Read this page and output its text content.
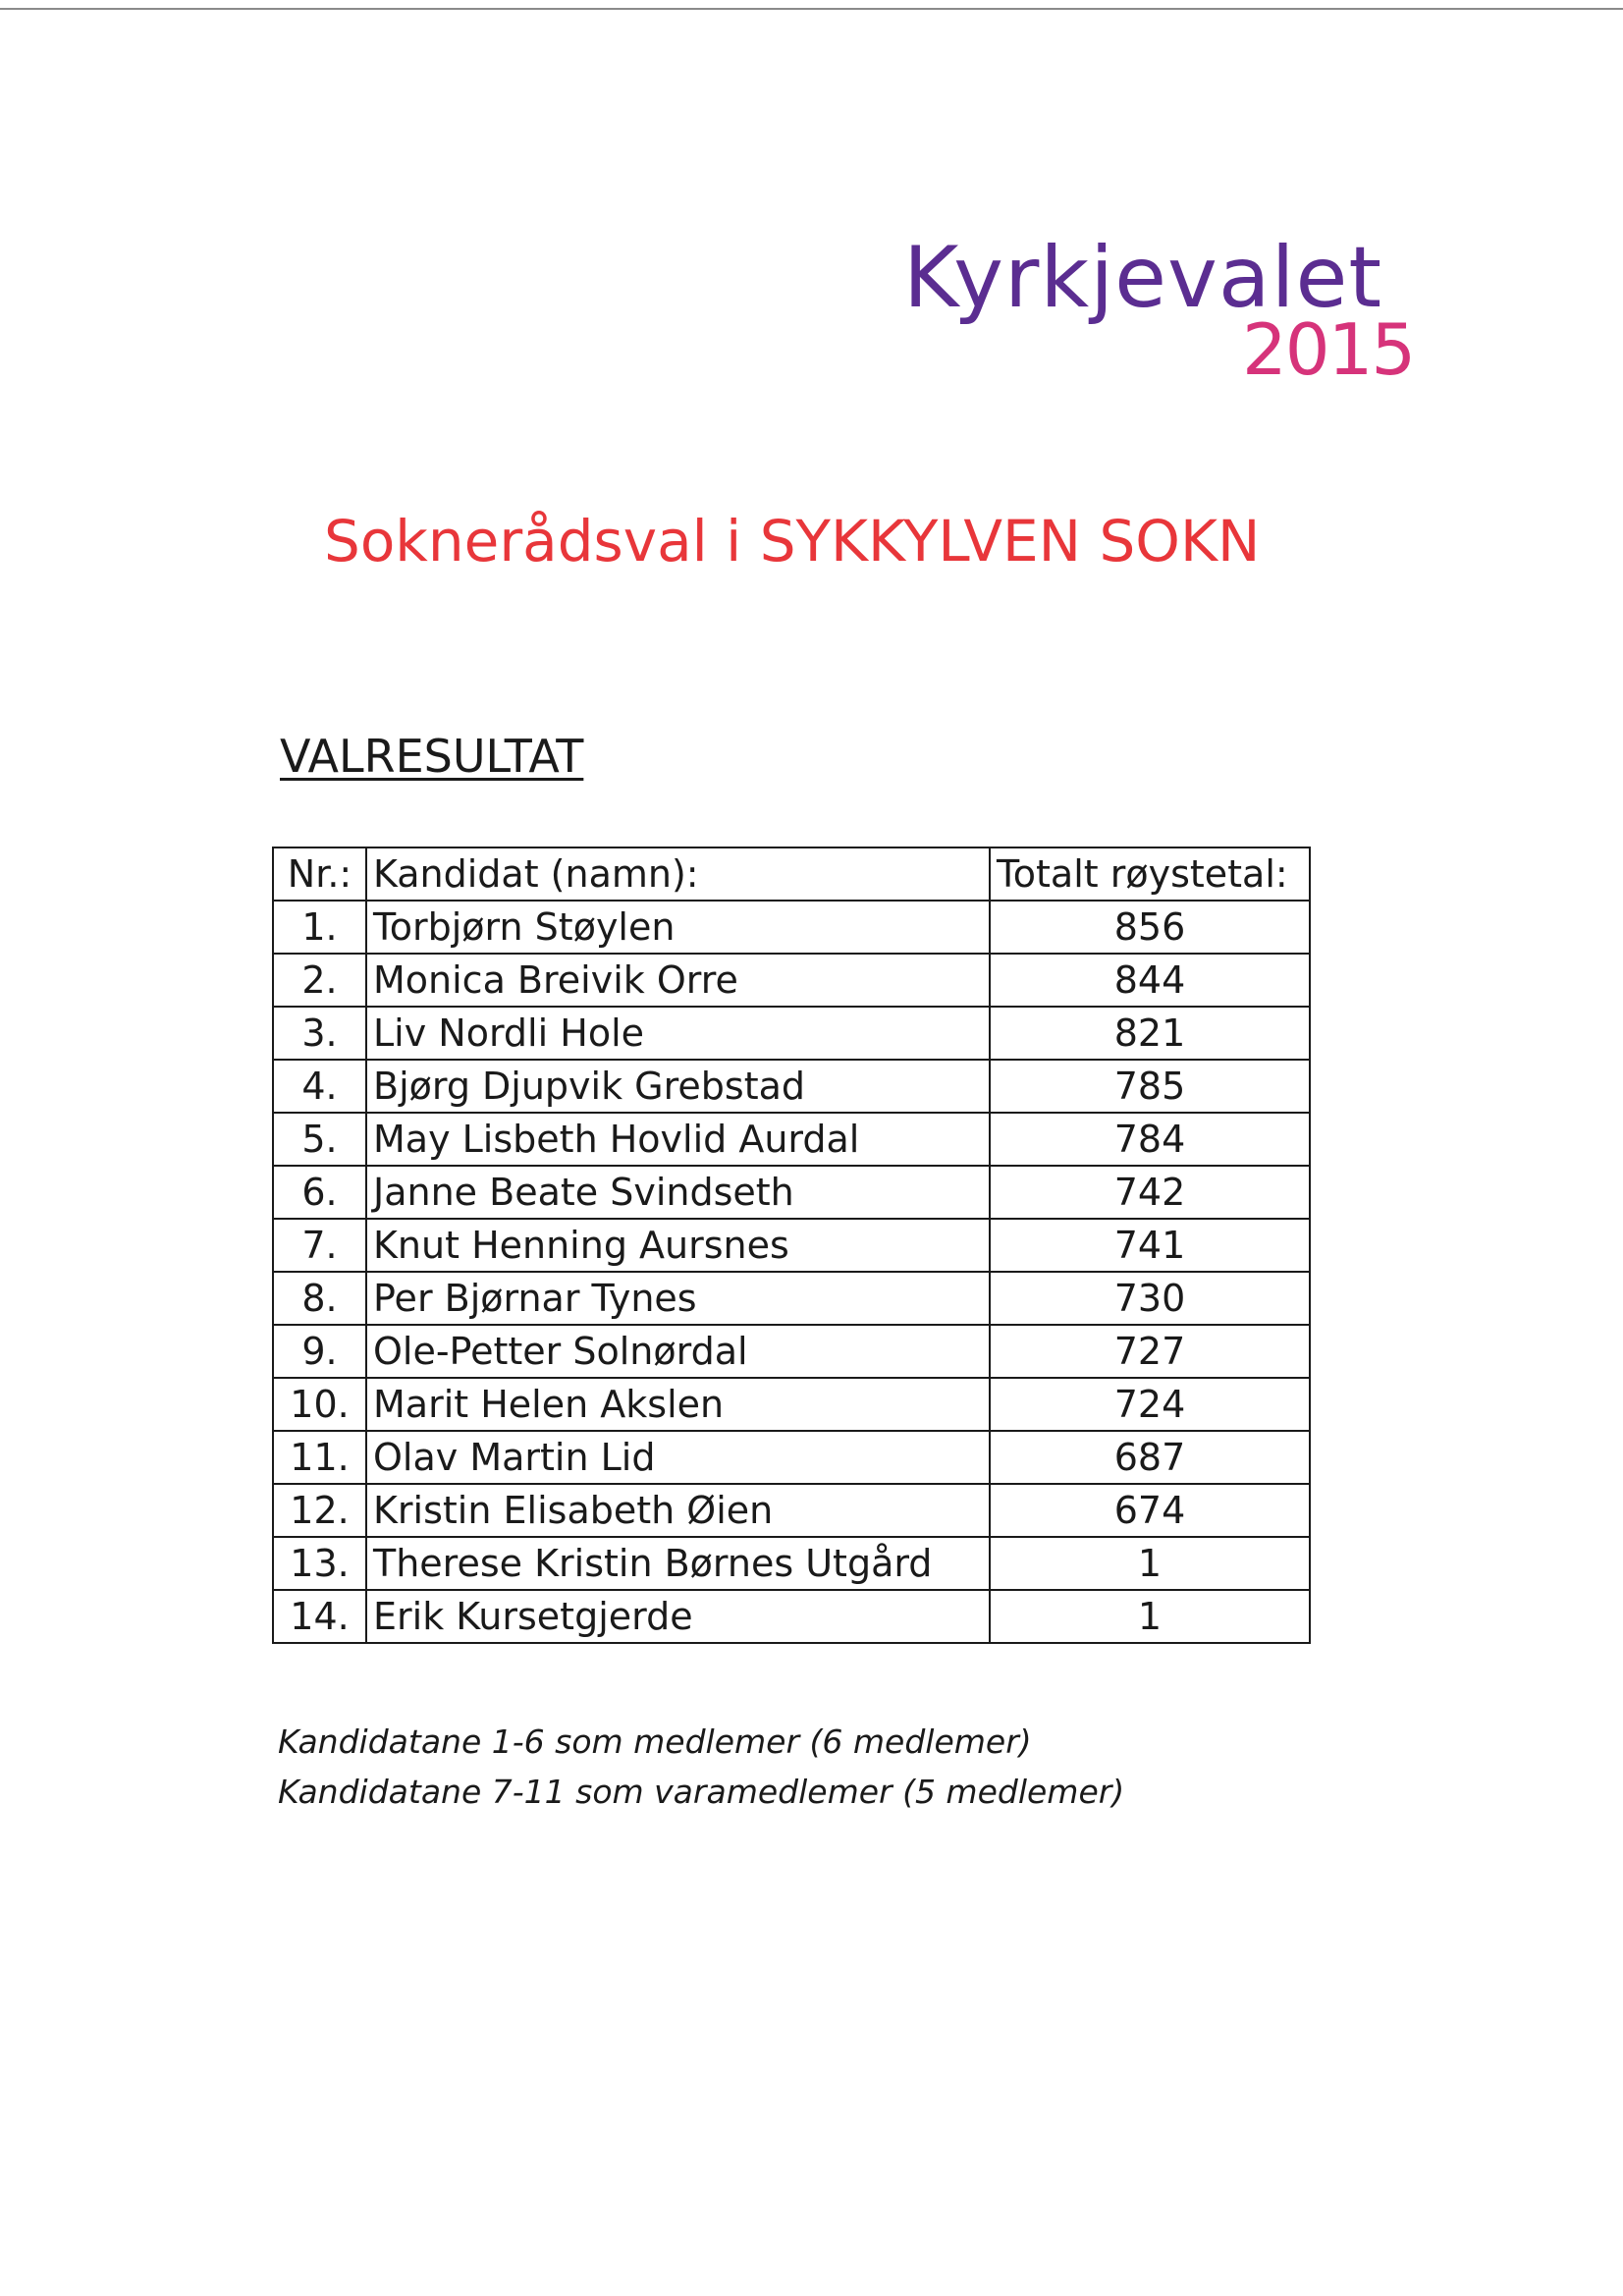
Kyrkjevalet
2015
Soknerådsval i SYKKYLVEN SOKN
VALRESULTAT
Nr.:	Kandidat (namn):	Totalt røystetal:
1.	Torbjørn Støylen	856
2.	Monica Breivik Orre	844
3.	Liv Nordli Hole	821
4.	Bjørg Djupvik Grebstad	785
5.	May Lisbeth Hovlid Aurdal	784
6.	Janne Beate Svindseth	742
7.	Knut Henning Aursnes	741
8.	Per Bjørnar Tynes	730
9.	Ole-Petter Solnørdal	727
10.	Marit Helen Akslen	724
11.	Olav Martin Lid	687
12.	Kristin Elisabeth Øien	674
13.	Therese Kristin Børnes Utgård	1
14.	Erik Kursetgjerde	1
Kandidatane 1-6 som medlemer (6 medlemer)
Kandidatane 7-11 som varamedlemer (5 medlemer)
